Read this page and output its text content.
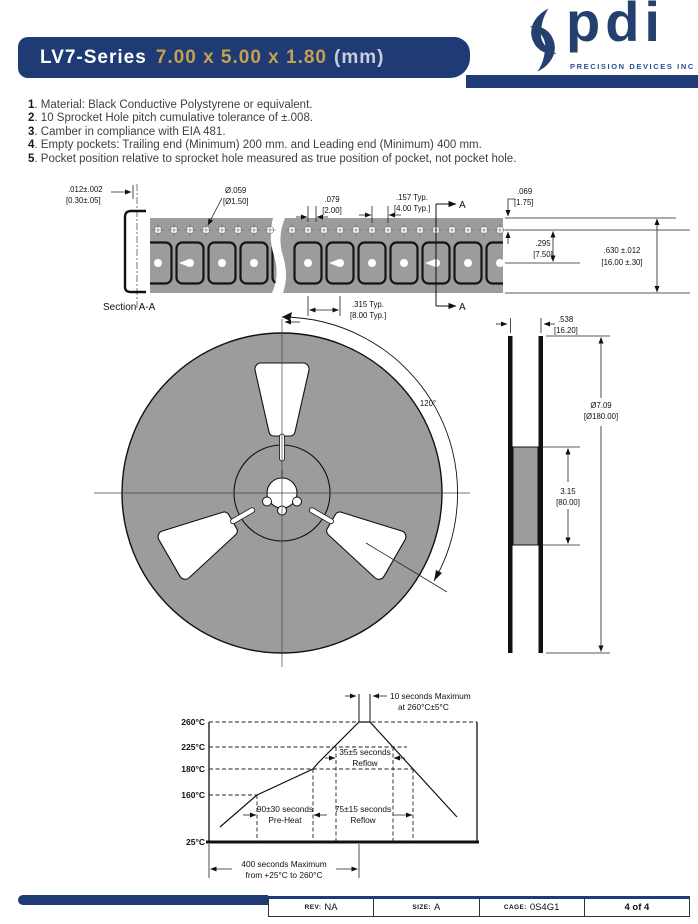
LV7-Series 7.00 x 5.00 x 1.80 (mm)
pdi
PRECISION DEVICES INC
1. Material: Black Conductive Polystyrene or equivalent.
2. 10 Sprocket Hole pitch cumulative tolerance of ±.008.
3. Camber in compliance with EIA 481.
4. Empty pockets: Trailing end (Minimum) 200 mm. and Leading end (Minimum) 400 mm.
5. Pocket position relative to sprocket hole measured as true position of pocket, not pocket hole.
.012±.002
[0.30±.05]
Section A-A
Ø.059
[Ø1.50]	.079
[2.00]
.157 Typ.
[4.00 Typ.]	A
A
.069
[1.75]
.295
[7.50]	.630 ±.012
[16.00 ±.30]
.315 Typ.
[8.00 Typ.]
120°
.538
[16.20]
Ø7.09
[Ø180.00]
3.15
[80.00]
260°C
225°C
180°C
160°C
25°C
10 seconds Maximum
at 260°C±5°C
35±5 seconds
Reflow
90±30 seconds
Pre-Heat
75±15 seconds
Reflow
400 seconds Maximum
from +25°C to 260°C
REV: NA	SIZE: A	CAGE: 0S4G1	4 of 4
